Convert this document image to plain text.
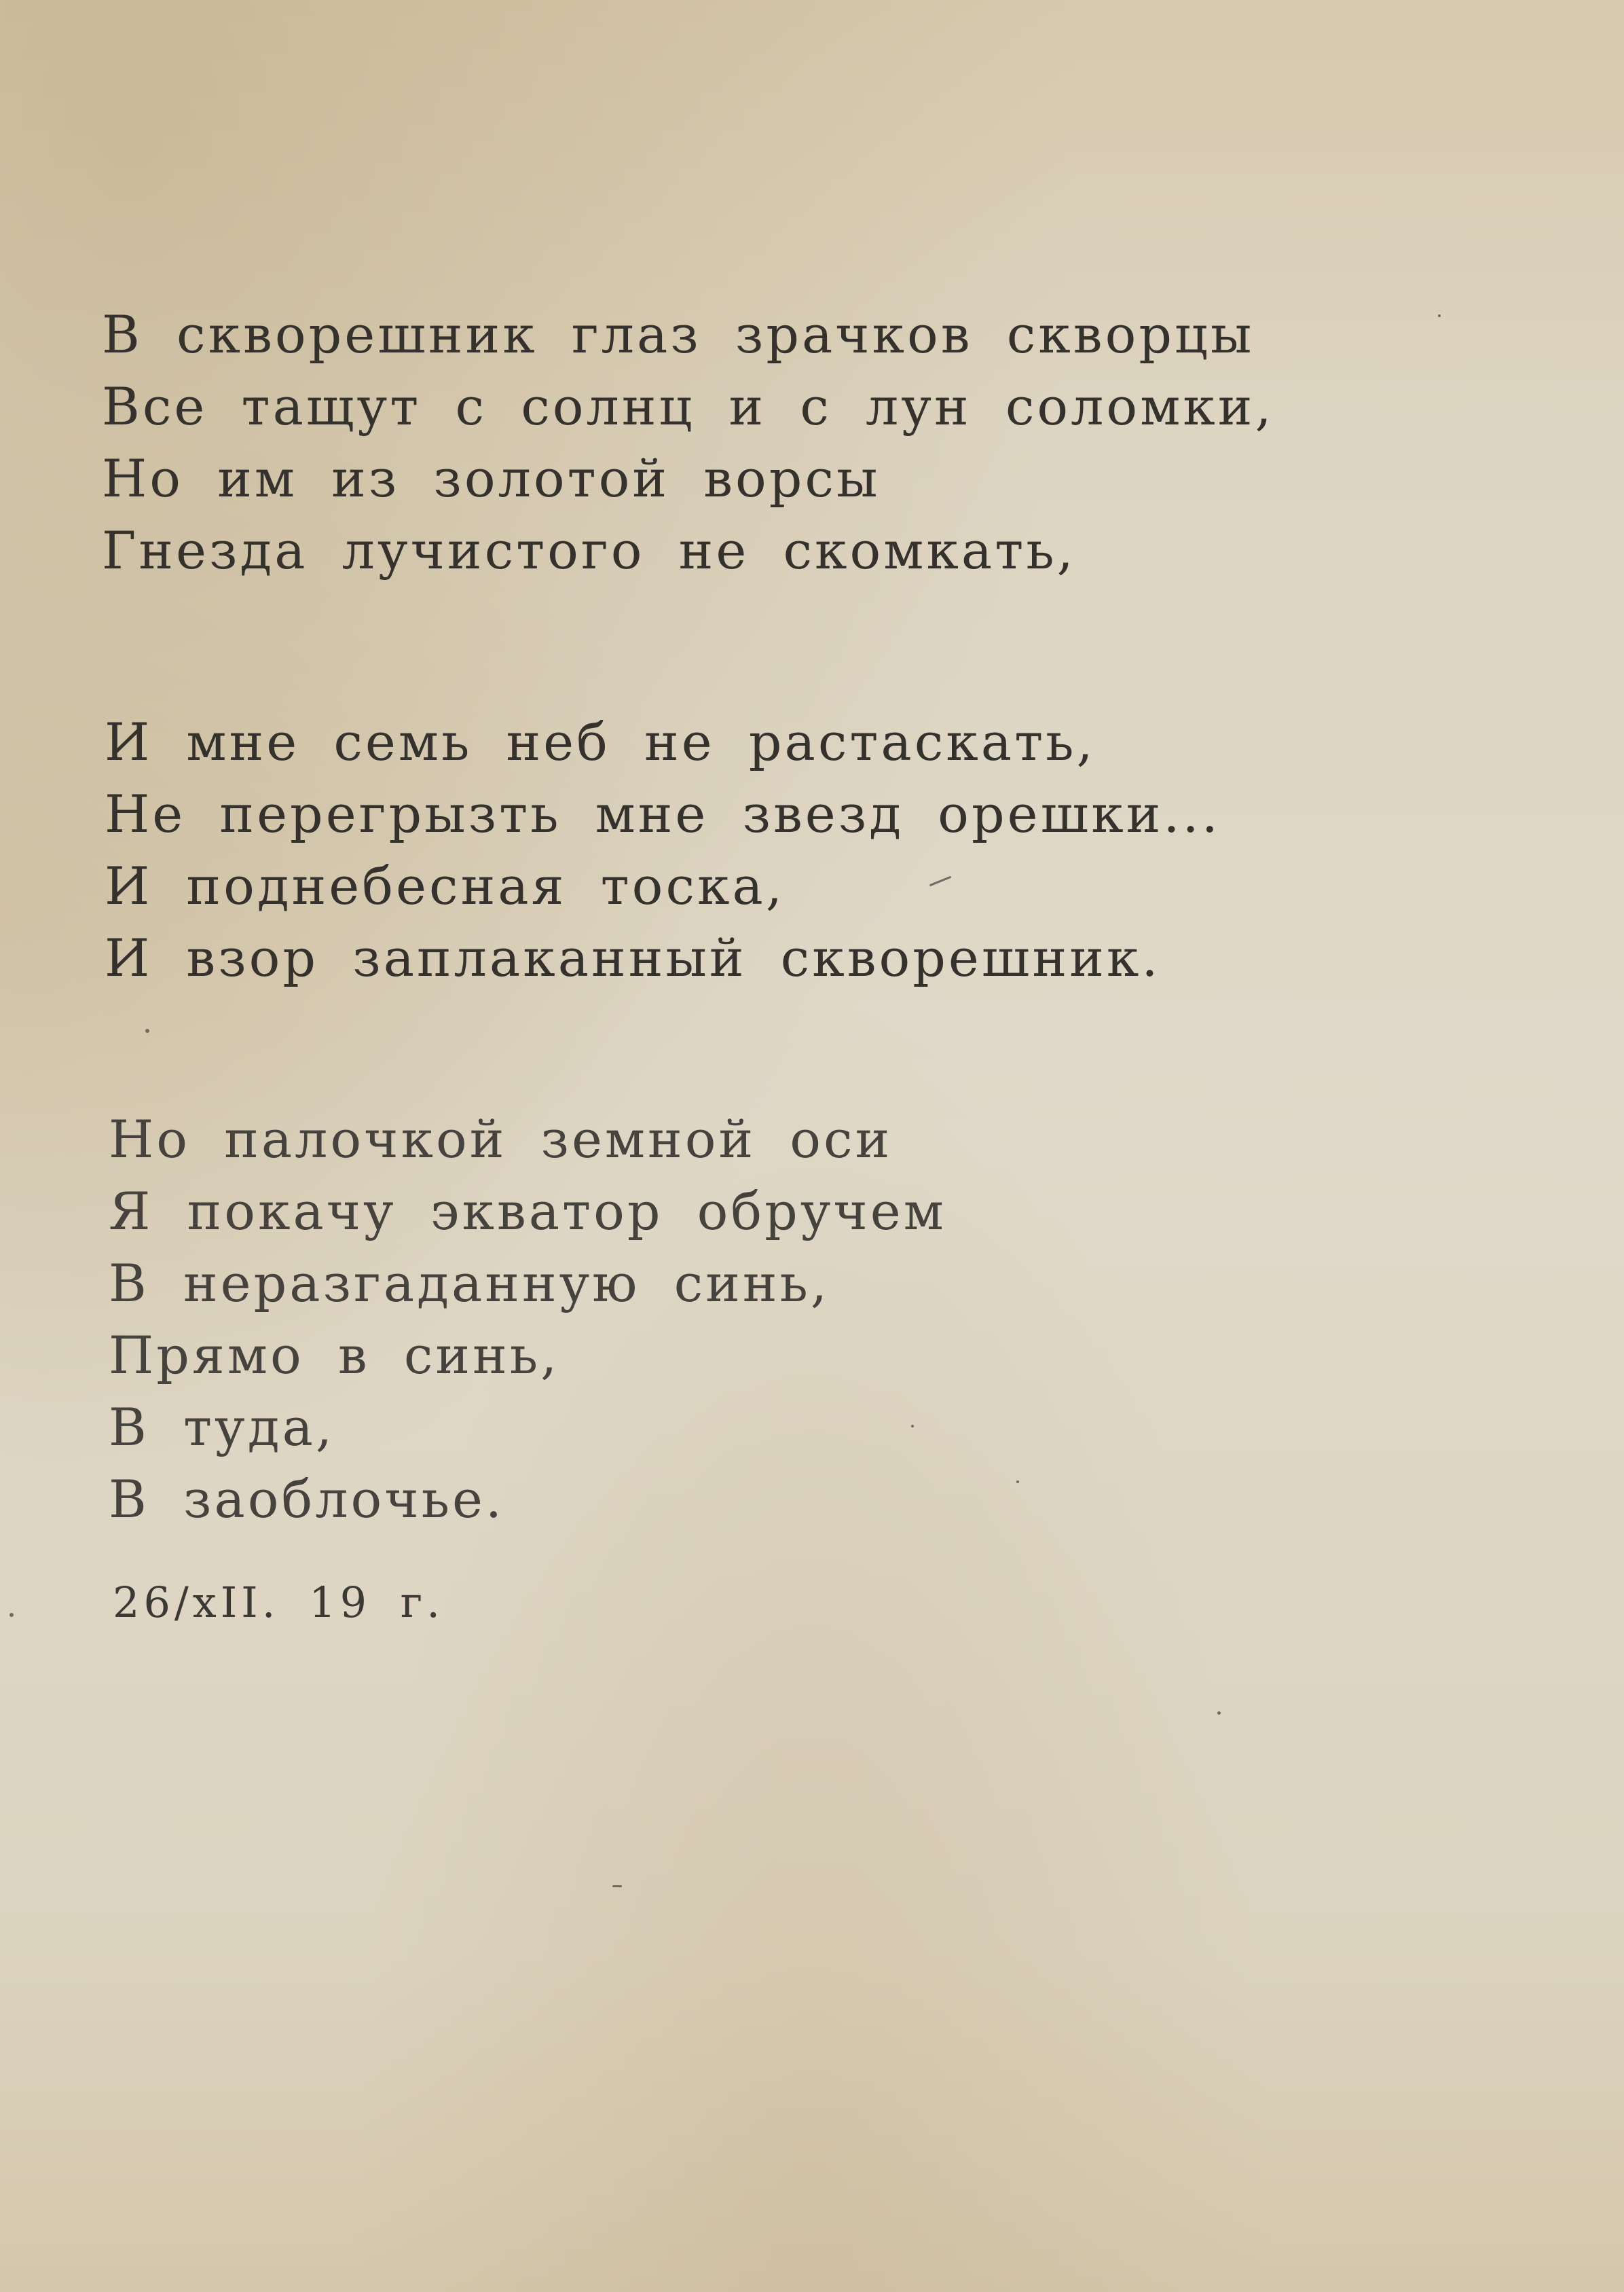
В скворешник глаз зрачков скворцы
Все тащут с солнц и с лун соломки,
Но им из золотой ворсы
Гнезда лучистого не скомкать,
И мне семь неб не растаскать,
Не перегрызть мне звезд орешки...
И поднебесная тоска,
И взор заплаканный скворешник.
Но палочкой земной оси
Я покачу экватор обручем
В неразгаданную синь,
Прямо в синь,
В туда,
В заоблочье.
26/xII. 19 г.
